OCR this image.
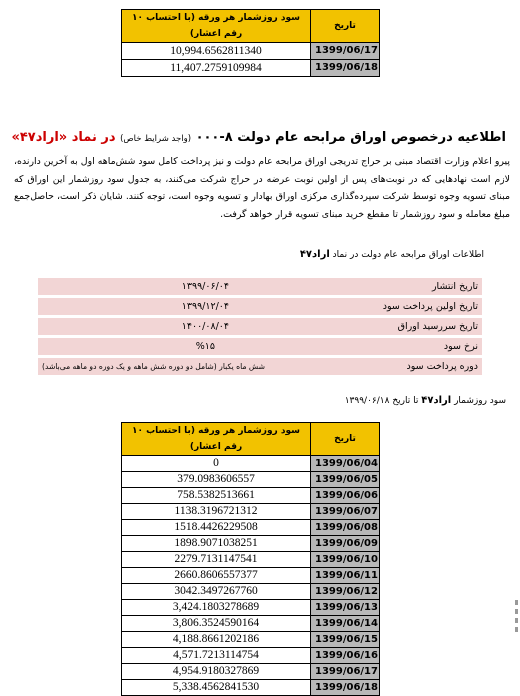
سود روزشمار هر ورقه (با احتساب ۱۰ رقم اعشار)	تاریخ
10,994.6562811340	1399/06/17
11,407.2759109984	1399/06/18
اطلاعیه درخصوص اوراق مرابحه عام دولت ۸-۰۰۰ (واجد شرایط خاص) در نماد «اراد۴۷»
پیرو اعلام وزارت اقتصاد مبنی بر حراج تدریجی اوراق مرابحه عام دولت و نیز پرداخت کامل سود شش‌ماهه اول به آخرین دارنده، لازم است نهادهایی که در نوبت‌های پس از اولین نوبت عرضه در حراج شرکت می‌کنند، به جدول سود روزشمار این اوراق که مبنای تسویه وجوه توسط شرکت سپرده‌گذاری مرکزی اوراق بهادار و تسویه وجوه است، توجه کنند. شایان ذکر است، حاصل‌جمع مبلغ معامله و سود روزشمار تا مقطع خرید مبنای تسویه قرار خواهد گرفت.
اطلاعات اوراق مرابحه عام دولت در نماد اراد۴۷
۱۳۹۹/۰۶/۰۴	تاریخ انتشار
۱۳۹۹/۱۲/۰۴	تاریخ اولین پرداخت سود
۱۴۰۰/۰۸/۰۴	تاریخ سررسید اوراق
%۱۵	نرخ سود
شش ماه یکبار (شامل دو دوره شش ماهه و یک دوره دو ماهه می‌باشد)	دوره پرداخت سود
سود روزشمار اراد۴۷ تا تاریخ ۱۳۹۹/۰۶/۱۸
سود روزشمار هر ورقه (با احتساب ۱۰ رقم اعشار)	تاریخ
0	1399/06/04
379.0983606557	1399/06/05
758.5382513661	1399/06/06
1138.3196721312	1399/06/07
1518.4426229508	1399/06/08
1898.9071038251	1399/06/09
2279.7131147541	1399/06/10
2660.8606557377	1399/06/11
3042.3497267760	1399/06/12
3,424.1803278689	1399/06/13
3,806.3524590164	1399/06/14
4,188.8661202186	1399/06/15
4,571.7213114754	1399/06/16
4,954.9180327869	1399/06/17
5,338.4562841530	1399/06/18
